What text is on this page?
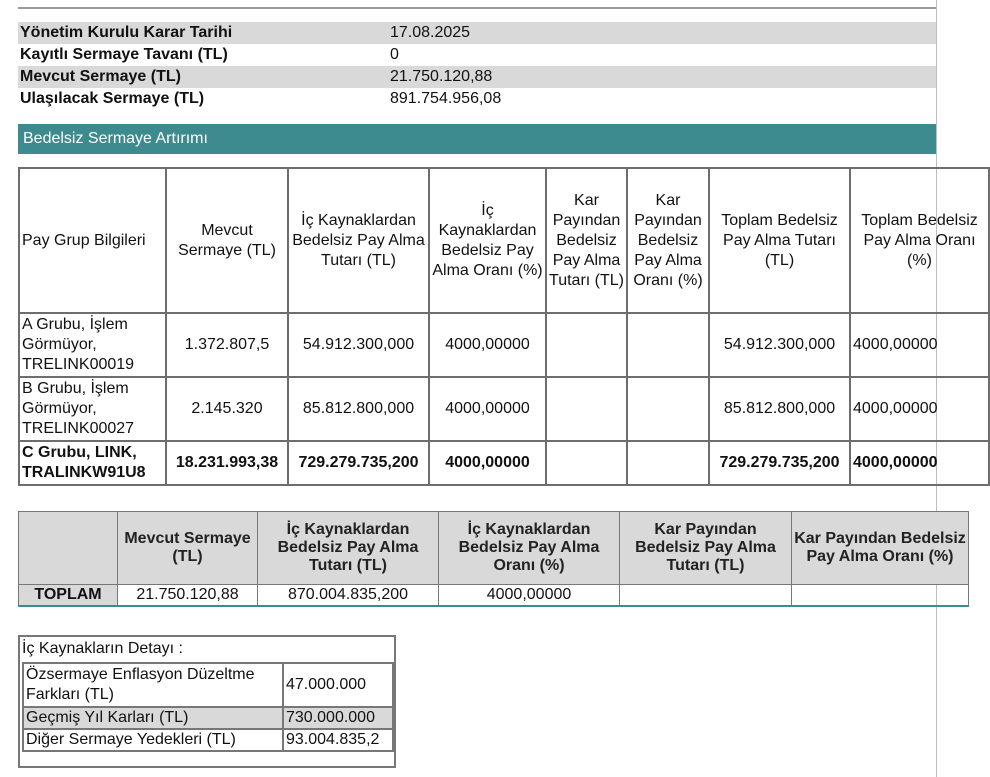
Yönetim Kurulu Karar Tarihi	17.08.2025
Kayıtlı Sermaye Tavanı (TL)	0
Mevcut Sermaye (TL)	21.750.120,88
Ulaşılacak Sermaye (TL)	891.754.956,08
Bedelsiz Sermaye Artırımı
Pay Grup Bilgileri	Mevcut Sermaye (TL)	İç Kaynaklardan Bedelsiz Pay Alma Tutarı (TL)	İç Kaynaklardan Bedelsiz Pay Alma Oranı (%)	Kar Payından Bedelsiz Pay Alma Tutarı (TL)	Kar Payından Bedelsiz Pay Alma Oranı (%)	Toplam Bedelsiz Pay Alma Tutarı (TL)	Toplam Bedelsiz Pay Alma Oranı (%)
A Grubu, İşlem Görmüyor, TRELINK00019	1.372.807,5	54.912.300,000	4000,00000			54.912.300,000	4000,00000
B Grubu, İşlem Görmüyor, TRELINK00027	2.145.320	85.812.800,000	4000,00000			85.812.800,000	4000,00000
C Grubu, LINK, TRALINKW91U8	18.231.993,38	729.279.735,200	4000,00000			729.279.735,200	4000,00000
	Mevcut Sermaye (TL)	İç Kaynaklardan Bedelsiz Pay Alma Tutarı (TL)	İç Kaynaklardan Bedelsiz Pay Alma Oranı (%)	Kar Payından Bedelsiz Pay Alma Tutarı (TL)	Kar Payından Bedelsiz Pay Alma Oranı (%)
TOPLAM	21.750.120,88	870.004.835,200	4000,00000		
İç Kaynakların Detayı :
Özsermaye Enflasyon Düzeltme Farkları (TL)	47.000.000
Geçmiş Yıl Karları (TL)	730.000.000
Diğer Sermaye Yedekleri (TL)	93.004.835,2
